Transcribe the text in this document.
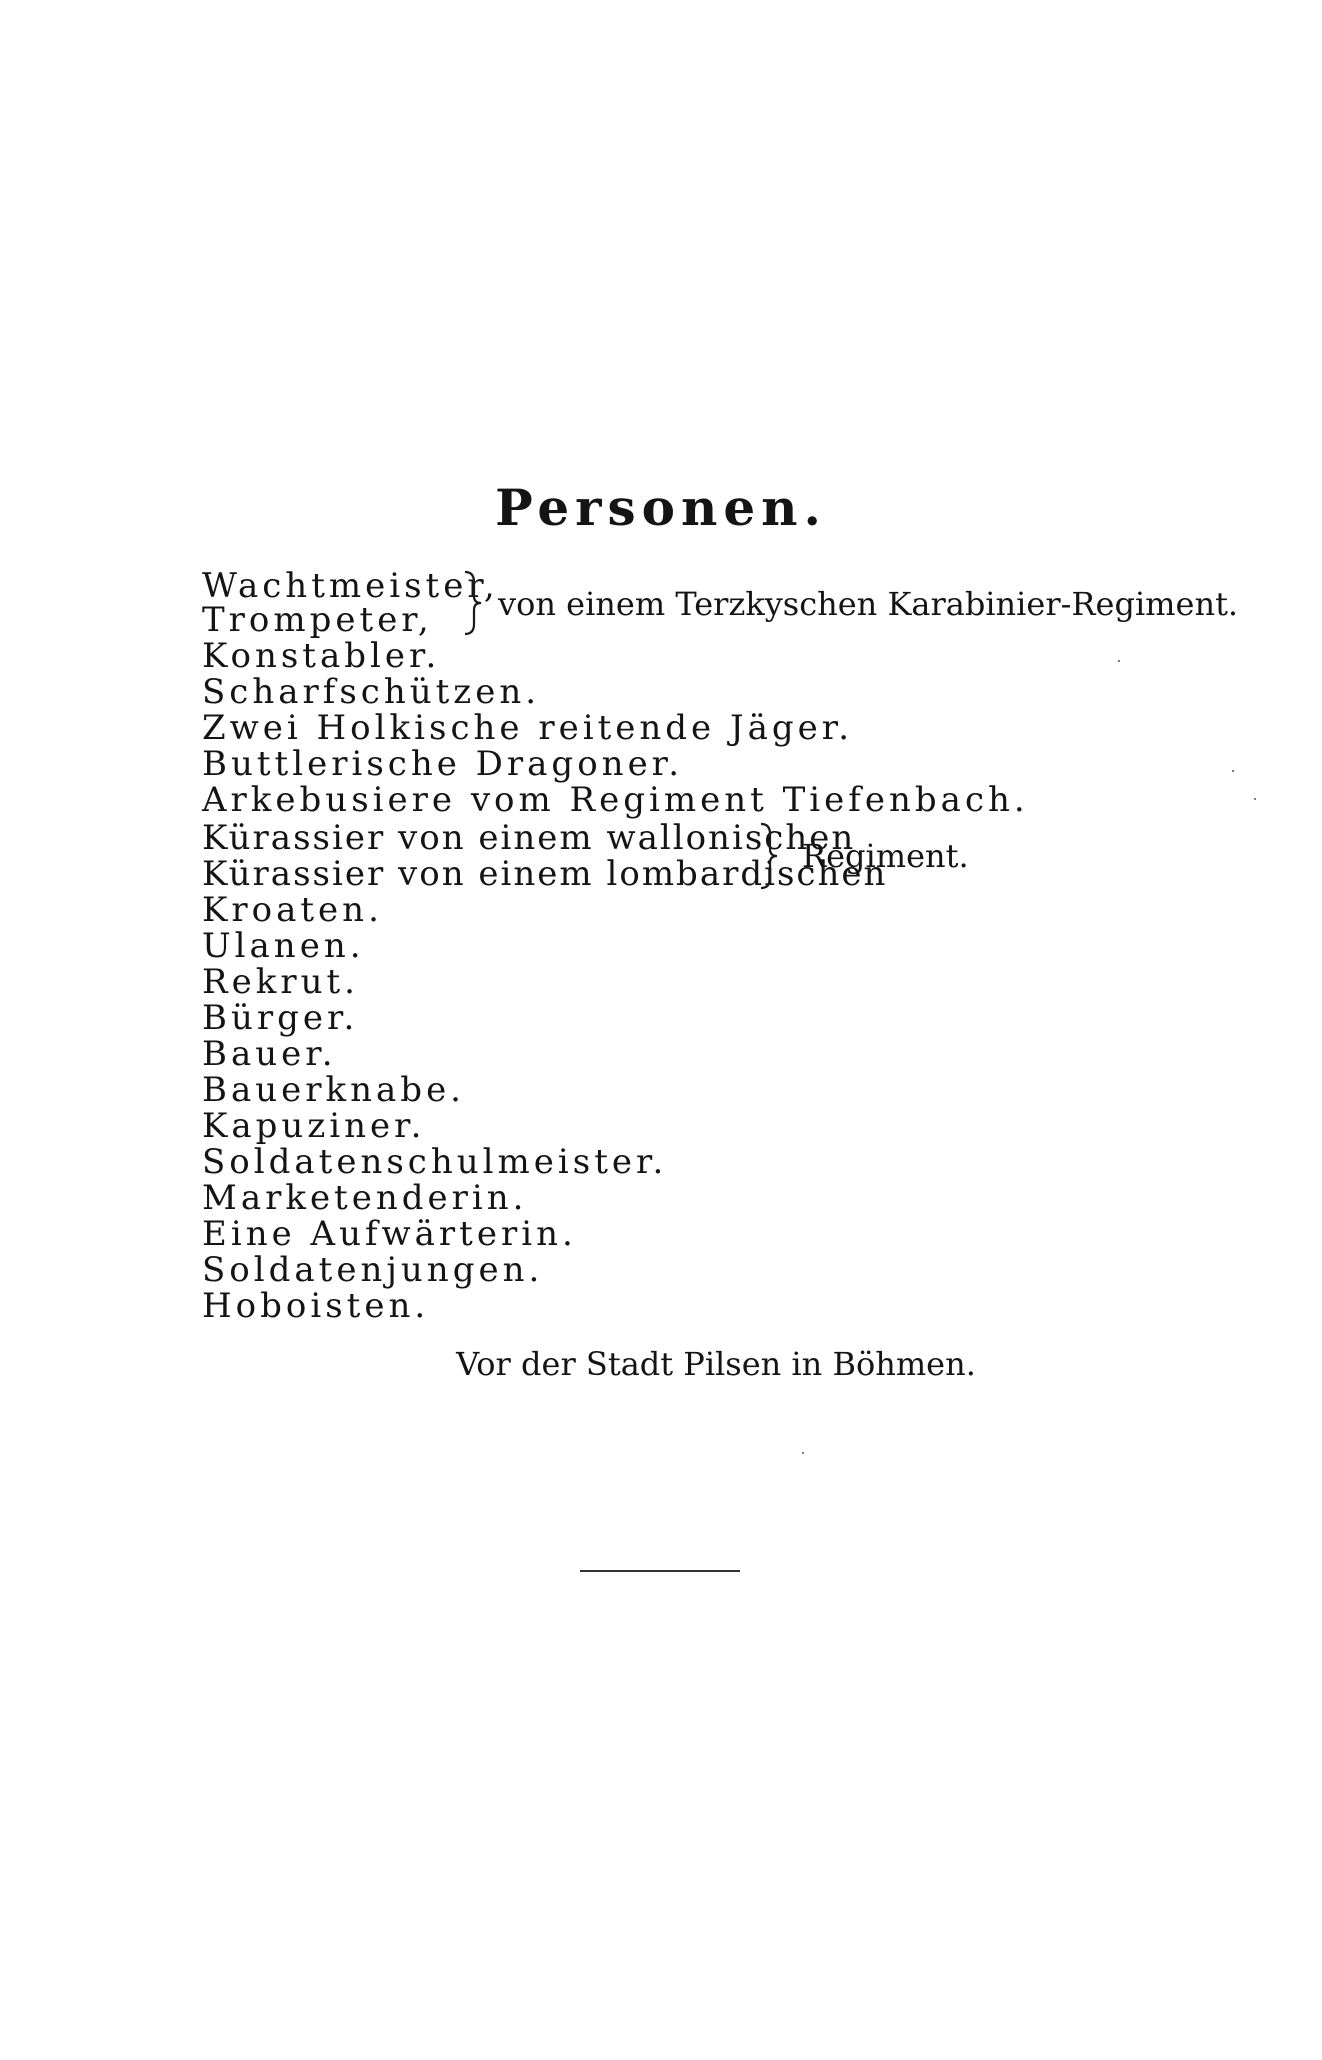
Personen.
Wachtmeister,
Trompeter,
Konstabler.
Scharfschützen.
Zwei Holkische reitende Jäger.
Buttlerische Dragoner.
Arkebusiere vom Regiment Tiefenbach.
Kürassier von einem wallonischen
Kürassier von einem lombardischen
Kroaten.
Ulanen.
Rekrut.
Bürger.
Bauer.
Bauerknabe.
Kapuziner.
Soldatenschulmeister.
Marketenderin.
Eine Aufwärterin.
Soldatenjungen.
Hoboisten.
von einem Terzkyschen Karabinier-Regiment.
Regiment.
Vor der Stadt Pilsen in Böhmen.
